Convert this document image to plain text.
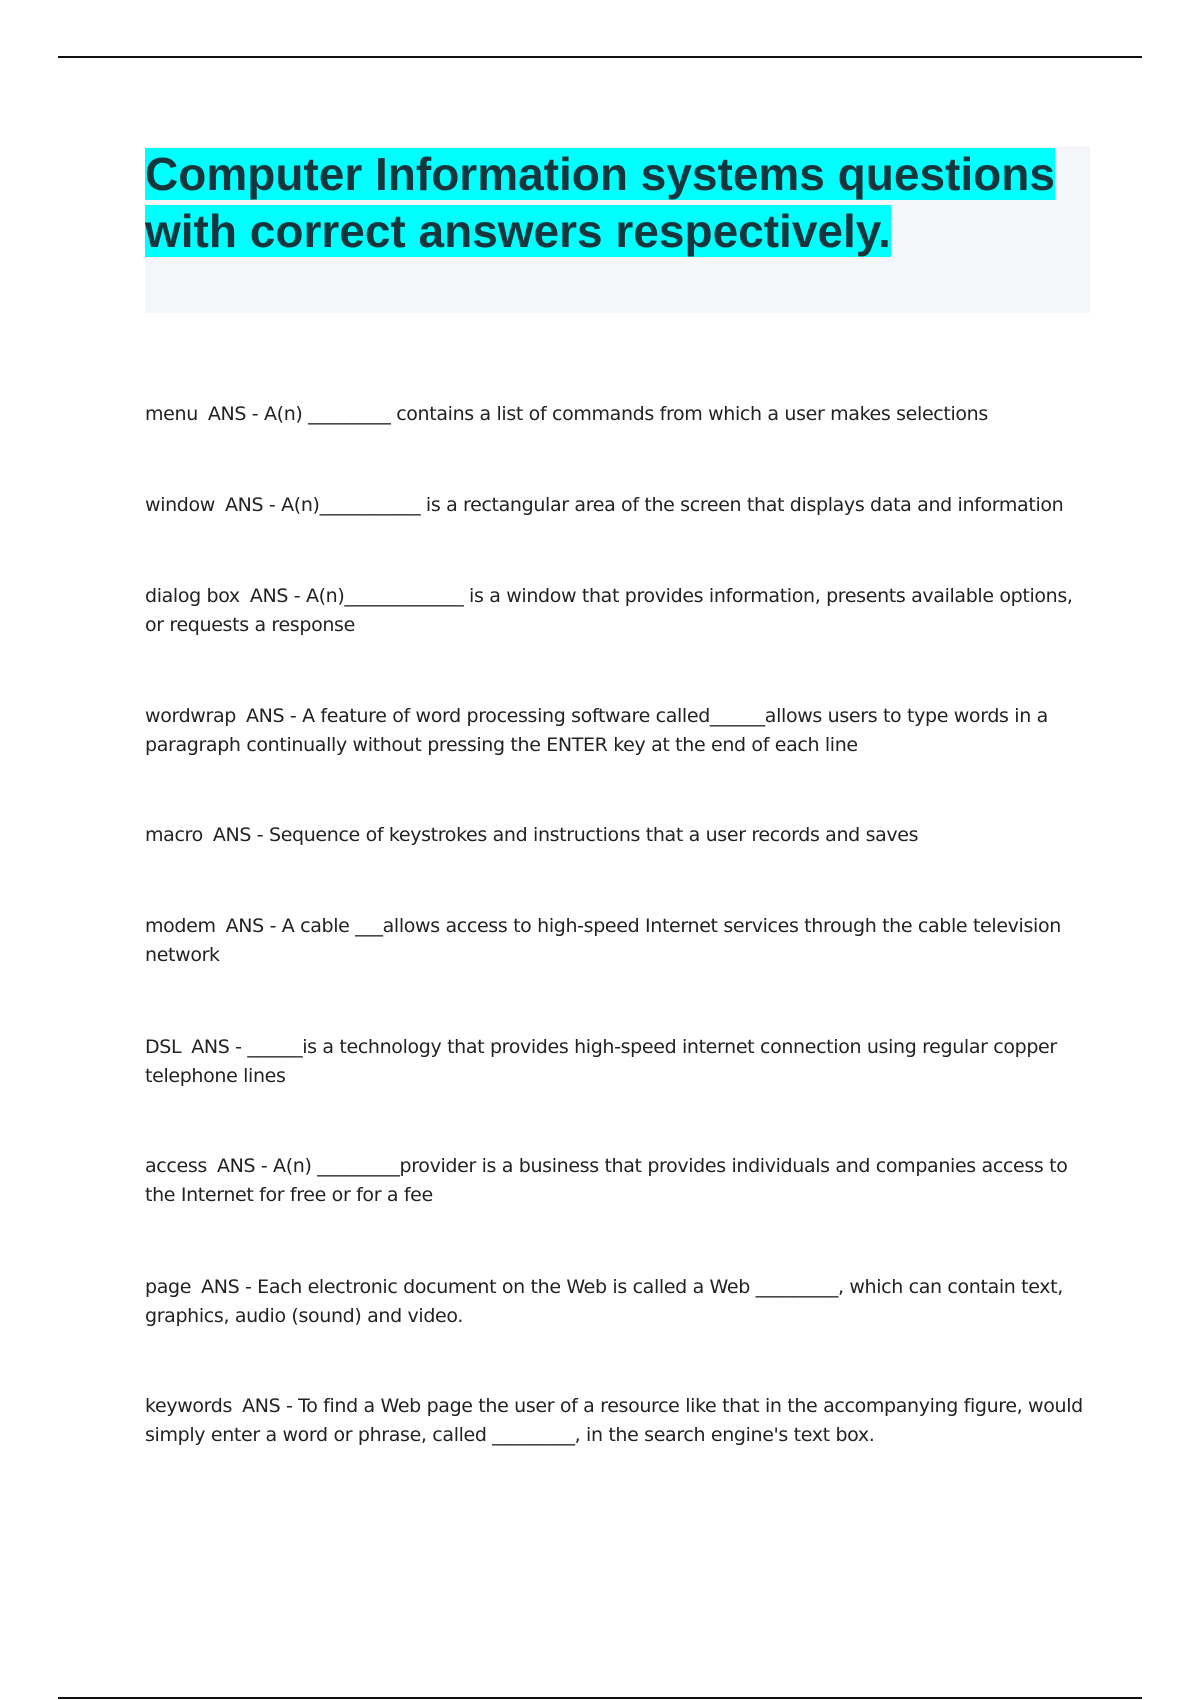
Computer Information systems questions with correct answers respectively.
menu ANS - A(n) _________ contains a list of commands from which a user makes selections
window ANS - A(n)___________ is a rectangular area of the screen that displays data and information
dialog box ANS - A(n)_____________ is a window that provides information, presents available options, or requests a response
wordwrap ANS - A feature of word processing software called______allows users to type words in a paragraph continually without pressing the ENTER key at the end of each line
macro ANS - Sequence of keystrokes and instructions that a user records and saves
modem ANS - A cable ___allows access to high-speed Internet services through the cable television network
DSL ANS - ______is a technology that provides high-speed internet connection using regular copper telephone lines
access ANS - A(n) _________provider is a business that provides individuals and companies access to the Internet for free or for a fee
page ANS - Each electronic document on the Web is called a Web _________, which can contain text, graphics, audio (sound) and video.
keywords ANS - To find a Web page the user of a resource like that in the accompanying figure, would simply enter a word or phrase, called _________, in the search engine's text box.
